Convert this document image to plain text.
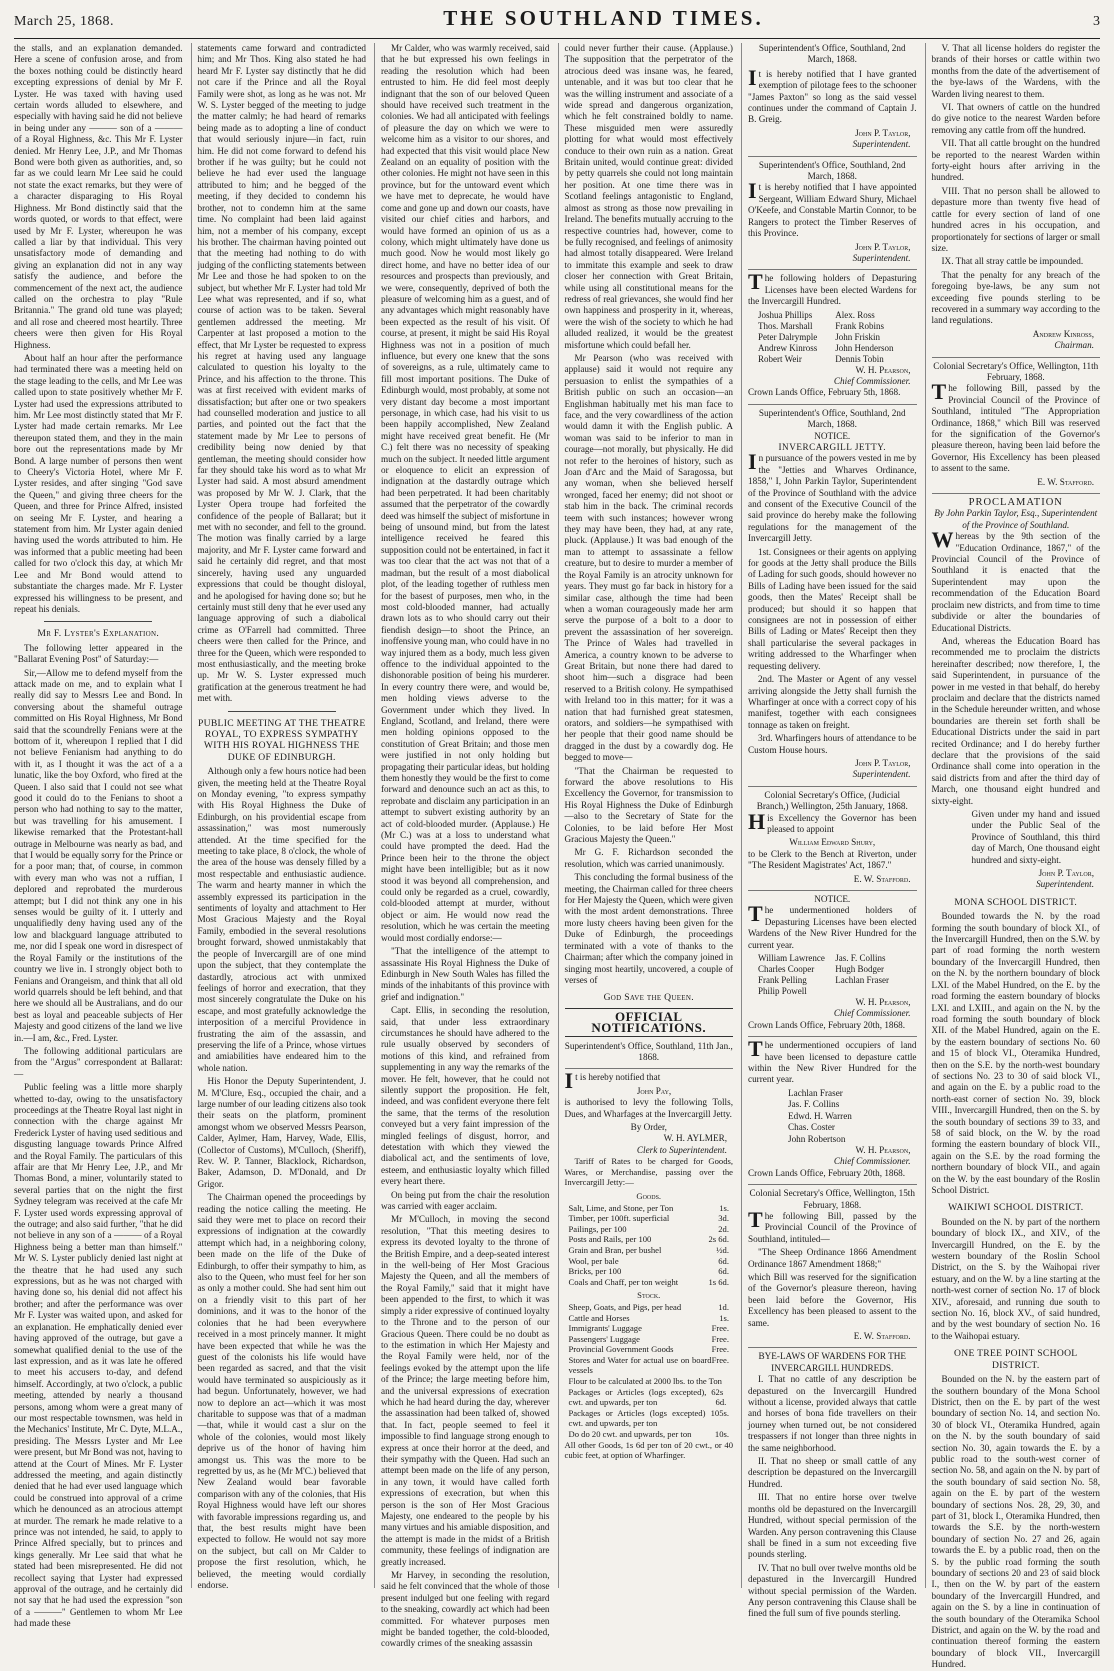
March 25, 1868.	THE SOUTHLAND TIMES.	3

the stalls, and an explanation demanded. Here a scene of confusion arose, and from the boxes nothing could be distinctly heard excepting expressions of denial by Mr F. Lyster. He was taxed with having used certain words alluded to elsewhere, and especially with having said he did not believe in being under any ——— son of a ——— of a Royal Highness, &c. This Mr F. Lyster denied. Mr Henry Lee, J.P., and Mr Thomas Bond were both given as authorities, and, so far as we could learn Mr Lee said he could not state the exact remarks, but they were of a character disparaging to His Royal Highness. Mr Bond distinctly said that the words quoted, or words to that effect, were used by Mr F. Lyster, whereupon he was called a liar by that individual. This very unsatisfactory mode of demanding and giving an explanation did not in any way satisfy the audience, and before the commencement of the next act, the audience called on the orchestra to play "Rule Britannia." The grand old tune was played; and all rose and cheered most heartily. Three cheers were then given for His Royal Highness.

About half an hour after the performance had terminated there was a meeting held on the stage leading to the cells, and Mr Lee was called upon to state positively whether Mr F. Lyster had used the expressions attributed to him. Mr Lee most distinctly stated that Mr F. Lyster had made certain remarks. Mr Lee thereupon stated them, and they in the main bore out the representations made by Mr Bond. A large number of persons then went to Cheery's Victoria Hotel, where Mr F. Lyster resides, and after singing "God save the Queen," and giving three cheers for the Queen, and three for Prince Alfred, insisted on seeing Mr F. Lyster, and hearing a statement from him. Mr Lyster again denied having used the words attributed to him. He was informed that a public meeting had been called for two o'clock this day, at which Mr Lee and Mr Bond would attend to substantiate the charges made. Mr F. Lyster expressed his willingness to be present, and repeat his denials.

Mr F. Lyster's Explanation.

The following letter appeared in the "Ballarat Evening Post" of Saturday:—

Sir,—Allow me to defend myself from the attack made on me, and to explain what I really did say to Messrs Lee and Bond. In conversing about the shameful outrage committed on His Royal Highness, Mr Bond said that the scoundrelly Fenians were at the bottom of it, whereupon I replied that I did not believe Fenianism had anything to do with it, as I thought it was the act of a a lunatic, like the boy Oxford, who fired at the Queen. I also said that I could not see what good it could do to the Fenians to shoot a person who had nothing to say to the matter, but was travelling for his amusement. I likewise remarked that the Protestant-hall outrage in Melbourne was nearly as bad, and that I would be equally sorry for the Prince or for a poor man; that, of course, in common with every man who was not a ruffian, I deplored and reprobated the murderous attempt; but I did not think any one in his senses would be guilty of it. I utterly and unqualifiedly deny having used any of the low and blackguard language attributed to me, nor did I speak one word in disrespect of the Royal Family or the institutions of the country we live in. I strongly object both to Fenians and Orangeism, and think that all old world quarrels should be left behind, and that here we should all be Australians, and do our best as loyal and peaceable subjects of Her Majesty and good citizens of the land we live in.—I am, &c., Fred. Lyster.

The following additional particulars are from the "Argus" correspondent at Ballarat:—

Public feeling was a little more sharply whetted to-day, owing to the unsatisfactory proceedings at the Theatre Royal last night in connection with the charge against Mr Frederick Lyster of having used seditious and disgusting language towards Prince Alfred and the Royal Family. The particulars of this affair are that Mr Henry Lee, J.P., and Mr Thomas Bond, a miner, voluntarily stated to several parties that on the night the first Sydney telegram was received at the cafe Mr F. Lyster used words expressing approval of the outrage; and also said further, "that he did not believe in any son of a ——— of a Royal Highness being a better man than himself." Mr W. S. Lyster publicly denied last night at the theatre that he had used any such expressions, but as he was not charged with having done so, his denial did not affect his brother; and after the performance was over Mr F. Lyster was waited upon, and asked for an explanation. He emphatically denied ever having approved of the outrage, but gave a somewhat qualified denial to the use of the last expression, and as it was late he offered to meet his accusers to-day, and defend himself. Accordingly, at two o'clock, a public meeting, attended by nearly a thousand persons, among whom were a great many of our most respectable townsmen, was held in the Mechanics' Institute, Mr C. Dyte, M.L.A., presiding. The Messrs Lyster and Mr Lee were present, but Mr Bond was not, having to attend at the Court of Mines. Mr F. Lyster addressed the meeting, and again distinctly denied that he had ever used language which could be construed into approval of a crime which he denounced as an atrocious attempt at murder. The remark he made relative to a prince was not intended, he said, to apply to Prince Alfred specially, but to princes and kings generally. Mr Lee said that what he stated had been misrepresented. He did not recollect saying that Lyster had expressed approval of the outrage, and he certainly did not say that he had used the expression "son of a ———" Gentlemen to whom Mr Lee had made these

statements came forward and contradicted him; and Mr Thos. King also stated he had heard Mr F. Lyster say distinctly that he did not care if the Prince and all the Royal Family were shot, as long as he was not. Mr W. S. Lyster begged of the meeting to judge the matter calmly; he had heard of remarks being made as to adopting a line of conduct that would seriously injure—in fact, ruin him. He did not come forward to defend his brother if he was guilty; but he could not believe he had ever used the language attributed to him; and he begged of the meeting, if they decided to condemn his brother, not to condemn him at the same time. No complaint had been laid against him, not a member of his company, except his brother. The chairman having pointed out that the meeting had nothing to do with judging of the conflicting statements between Mr Lee and those he had spoken to on the subject, but whether Mr F. Lyster had told Mr Lee what was represented, and if so, what course of action was to be taken. Several gentlemen addressed the meeting. Mr Carpenter at last proposed a motion to the effect, that Mr Lyster be requested to express his regret at having used any language calculated to question his loyalty to the Prince, and his affection to the throne. This was at first received with evident marks of dissatisfaction; but after one or two speakers had counselled moderation and justice to all parties, and pointed out the fact that the statement made by Mr Lee to persons of credibility being now denied by that gentleman, the meeting should consider how far they should take his word as to what Mr Lyster had said. A most absurd amendment was proposed by Mr W. J. Clark, that the Lyster Opera troupe had forfeited the confidence of the people of Ballarat; but it met with no seconder, and fell to the ground. The motion was finally carried by a large majority, and Mr F. Lyster came forward and said he certainly did regret, and that most sincerely, having used any unguarded expressions that could be thought disloyal, and he apologised for having done so; but he certainly must still deny that he ever used any language approving of such a diabolical crime as O'Farrell had committed. Three cheers were then called for the Prince, and three for the Queen, which were responded to most enthusiastically, and the meeting broke up. Mr W. S. Lyster expressed much gratification at the generous treatment he had met with.

PUBLIC MEETING AT THE THEATRE ROYAL, TO EXPRESS SYMPATHY WITH HIS ROYAL HIGHNESS THE DUKE OF EDINBURGH.

Although only a few hours notice had been given, the meeting held at the Theatre Royal on Monday evening, "to express sympathy with His Royal Highness the Duke of Edinburgh, on his providential escape from assassination," was most numerously attended. At the time specified for the meeting to take place, 8 o'clock, the whole of the area of the house was densely filled by a most respectable and enthusiastic audience. The warm and hearty manner in which the assembly expressed its participation in the sentiments of loyalty and attachment to Her Most Gracious Majesty and the Royal Family, embodied in the several resolutions brought forward, showed unmistakably that the people of Invercargill are of one mind upon the subject, that they contemplate the dastardly, atrocious act with unmixed feelings of horror and execration, that they most sincerely congratulate the Duke on his escape, and most gratefully acknowledge the interposition of a merciful Providence in frustrating the aim of the assassin, and preserving the life of a Prince, whose virtues and amiabilities have endeared him to the whole nation.

His Honor the Deputy Superintendent, J. M. M'Clure, Esq., occupied the chair, and a large number of our leading citizens also took their seats on the platform, prominent amongst whom we observed Messrs Pearson, Calder, Aylmer, Ham, Harvey, Wade, Ellis, (Collector of Customs), M'Culloch, (Sheriff), Rev. W. P. Tanner, Blacklock, Richardson, Baker, Adamson, D. M'Donald, and Dr Grigor.

The Chairman opened the proceedings by reading the notice calling the meeting. He said they were met to place on record their expressions of indignation at the cowardly attempt which had, in a neighboring colony, been made on the life of the Duke of Edinburgh, to offer their sympathy to him, as also to the Queen, who must feel for her son as only a mother could. She had sent him out on a friendly visit to this part of her dominions, and it was to the honor of the colonies that he had been everywhere received in a most princely manner. It might have been expected that while he was the guest of the colonists his life would have been regarded as sacred, and that the visit would have terminated so auspiciously as it had begun. Unfortunately, however, we had now to deplore an act—which it was most charitable to suppose was that of a madman—that, while it would cast a slur on the whole of the colonies, would most likely deprive us of the honor of having him amongst us. This was the more to be regretted by us, as he (Mr M'C.) believed that New Zealand would bear favorable comparison with any of the colonies, that His Royal Highness would have left our shores with favorable impressions regarding us, and that, the best results might have been expected to follow. He would not say more on the subject, but call on Mr Calder to propose the first resolution, which, he believed, the meeting would cordially endorse.

Mr Calder, who was warmly received, said that he but expressed his own feelings in reading the resolution which had been entrusted to him. He did feel most deeply indignant that the son of our beloved Queen should have received such treatment in the colonies. We had all anticipated with feelings of pleasure the day on which we were to welcome him as a visitor to our shores, and had expected that this visit would place New Zealand on an equality of position with the other colonies. He might not have seen in this province, but for the untoward event which we have met to deprecate, he would have come and gone up and down our coasts, have visited our chief cities and harbors, and would have formed an opinion of us as a colony, which might ultimately have done us much good. Now he would most likely go direct home, and have no better idea of our resources and prospects than previously, and we were, consequently, deprived of both the pleasure of welcoming him as a guest, and of any advantages which might reasonably have been expected as the result of his visit. Of course, at present, it might be said His Royal Highness was not in a position of much influence, but every one knew that the sons of sovereigns, as a rule, ultimately came to fill most important positions. The Duke of Edinburgh would, most probably, at some not very distant day become a most important personage, in which case, had his visit to us been happily accomplished, New Zealand might have received great benefit. He (Mr C.) felt there was no necessity of speaking much on the subject. It needed little argument or eloquence to elicit an expression of indignation at the dastardly outrage which had been perpetrated. It had been charitably assumed that the perpetrator of the cowardly deed was himself the subject of misfortune in being of unsound mind, but from the latest intelligence received he feared this supposition could not be entertained, in fact it was too clear that the act was not that of a madman, but the result of a most diabolical plot, of the leading together of ruthless men for the basest of purposes, men who, in the most cold-blooded manner, had actually drawn lots as to who should carry out their fiendish design—to shoot the Prince, an inoffensive young man, who could have in no way injured them as a body, much less given offence to the individual appointed to the dishonorable position of being his murderer. In every country there were, and would be, men holding views adverse to the Government under which they lived. In England, Scotland, and Ireland, there were men holding opinions opposed to the constitution of Great Britain; and those men were justified in not only holding but propagating their particular ideas, but holding them honestly they would be the first to come forward and denounce such an act as this, to reprobate and disclaim any participation in an attempt to subvert existing authority by an act of cold-blooded murder. (Applause.) He (Mr C.) was at a loss to understand what could have prompted the deed. Had the Prince been heir to the throne the object might have been intelligible; but as it now stood it was beyond all comprehension, and could only be regarded as a cruel, cowardly, cold-blooded attempt at murder, without object or aim. He would now read the resolution, which he was certain the meeting would most cordially endorse:—

"That the intelligence of the attempt to assassinate His Royal Highness the Duke of Edinburgh in New South Wales has filled the minds of the inhabitants of this province with grief and indignation."

Capt. Ellis, in seconding the resolution, said, that under less extraordinary circumstances he should have adhered to the rule usually observed by seconders of motions of this kind, and refrained from supplementing in any way the remarks of the mover. He felt, however, that he could not silently support the proposition. He felt, indeed, and was confident everyone there felt the same, that the terms of the resolution conveyed but a very faint impression of the mingled feelings of disgust, horror, and detestation with which they viewed the diabolical act, and the sentiments of love, esteem, and enthusiastic loyalty which filled every heart there.

On being put from the chair the resolution was carried with eager acclaim.

Mr M'Culloch, in moving the second resolution, "That this meeting desires to express its devoted loyalty to the throne of the British Empire, and a deep-seated interest in the well-being of Her Most Gracious Majesty the Queen, and all the members of the Royal Family," said that it might have been appended to the first, to which it was simply a rider expressive of continued loyalty to the Throne and to the person of our Gracious Queen. There could be no doubt as to the estimation in which Her Majesty and the Royal Family were held, nor of the feelings evoked by the attempt upon the life of the Prince; the large meeting before him, and the universal expressions of execration which he had heard during the day, wherever the assassination had been talked of, showed that. In fact, people seemed to feel it impossible to find language strong enough to express at once their horror at the deed, and their sympathy with the Queen. Had such an attempt been made on the life of any person, in any town, it would have called forth expressions of execration, but when this person is the son of Her Most Gracious Majesty, one endeared to the people by his many virtues and his amiable disposition, and the attempt is made in the midst of a British community, these feelings of indignation are greatly increased.

Mr Harvey, in seconding the resolution, said he felt convinced that the whole of those present indulged but one feeling with regard to the sneaking, cowardly act which had been committed. For whatever purposes men might be banded together, the cold-blooded, cowardly crimes of the sneaking assassin

could never further their cause. (Applause.) The supposition that the perpetrator of the atrocious deed was insane was, he feared, untenable, and it was but too clear that he was the willing instrument and associate of a wide spread and dangerous organization, which he felt constrained boldly to name. These misguided men were assuredly plotting for what would most effectively conduce to their own ruin as a nation. Great Britain united, would continue great: divided by petty quarrels she could not long maintain her position. At one time there was in Scotland feelings antagonistic to England, almost as strong as those now prevailing in Ireland. The benefits mutually accruing to the respective countries had, however, come to be fully recognised, and feelings of animosity had almost totally disappeared. Were Ireland to immitate this example and seek to draw closer her connection with Great Britain, while using all constitutional means for the redress of real grievances, she would find her own happiness and prosperity in it, whereas, were the wish of the society to which he had alluded realized, it would be the greatest misfortune which could befall her.

Mr Pearson (who was received with applause) said it would not require any persuasion to enlist the sympathies of a British public on such an occasion—an Englishman habitually met his man face to face, and the very cowardliness of the action would damn it with the English public. A woman was said to be inferior to man in courage—not morally, but physically. He did not refer to the heroines of history, such as Joan d'Arc and the Maid of Saragossa, but any woman, when she believed herself wronged, faced her enemy; did not shoot or stab him in the back. The criminal records teem with such instances; however wrong they may have been, they had, at any rate, pluck. (Applause.) It was bad enough of the man to attempt to assassinate a fellow creature, but to desire to murder a member of the Royal Family is an atrocity unknown for years. They must go far back in history for a similar case, although the time had been when a woman courageously made her arm serve the purpose of a bolt to a door to prevent the assassination of her sovereign. The Prince of Wales had travelled in America, a country known to be adverse to Great Britain, but none there had dared to shoot him—such a disgrace had been reserved to a British colony. He sympathised with Ireland too in this matter; for it was a nation that had furnished great statesmen, orators, and soldiers—he sympathised with her people that their good name should be dragged in the dust by a cowardly dog. He begged to move—

"That the Chairman be requested to forward the above resolutions to His Excellency the Governor, for transmission to His Royal Highness the Duke of Edinburgh—also to the Secretary of State for the Colonies, to be laid before Her Most Gracious Majesty the Queen."

Mr G. F. Richardson seconded the resolution, which was carried unanimously.

This concluding the formal business of the meeting, the Chairman called for three cheers for Her Majesty the Queen, which were given with the most ardent demonstrations. Three more lusty cheers having been given for the Duke of Edinburgh, the proceedings terminated with a vote of thanks to the Chairman; after which the company joined in singing most heartily, uncovered, a couple of verses of

God Save the Queen.
OFFICIAL NOTIFICATIONS.
Superintendent's Office, Southland, 11th Jan., 1868.

It is hereby notified that

John Pay,

is authorised to levy the following Tolls, Dues, and Wharfages at the Invercargill Jetty.

By Order,
W. H. AYLMER,
Clerk to Superintendent.

Tariff of Rates to be charged for Goods, Wares, or Merchandise, passing over the Invercargill Jetty:—

Goods.
Salt, Lime, and Stone, per Ton	1s.
Timber, per 100ft. superficial	3d.
Pailings, per 100	2d.
Posts and Rails, per 100	2s 6d.
Grain and Bran, per bushel	½d.
Wool, per bale	6d.
Bricks, per 100	6d.
Coals and Chaff, per ton weight	1s 6d.
Stock.
Sheep, Goats, and Pigs, per head	1d.
Cattle and Horses	1s.
Immigrants' Luggage	Free.
Passengers' Luggage	Free.
Provincial Government Goods	Free.
Stores and Water for actual use on board vessels
Free.
Flour to be calculated at 2000 lbs. to the Ton
Packages or Articles (logs excepted), 6 cwt. and upwards, per ton
2s 6d.
Packages or Articles (logs excepted) 10 cwt. and upwards, per ton
5s.
Do do 20 cwt. and upwards, per ton	10s.

All other Goods, 1s 6d per ton of 20 cwt., or 40 cubic feet, at option of Wharfinger.

Superintendent's Office, Southland, 2nd March, 1868.

It is hereby notified that I have granted exemption of pilotage fees to the schooner "James Paxton" so long as the said vessel continues under the command of Captain J. B. Greig.

John P. Taylor,
Superintendent.
Superintendent's Office, Southland, 2nd March, 1868.

It is hereby notified that I have appointed Sergeant, William Edward Shury, Michael O'Keefe, and Constable Martin Connor, to be Rangers to protect the Timber Reserves of this Province.

John P. Taylor,
Superintendent.

The following holders of Depasturing Licenses have been elected Wardens for the Invercargill Hundred.

Joshua Phillips	Alex. Ross
Thos. Marshall	Frank Robins
Peter Dalrymple	John Friskin
Andrew Kinross	John Henderson
Robert Weir	Dennis Tobin
W. H. Pearson,
Chief Commissioner.

Crown Lands Office, February 5th, 1868.

Superintendent's Office, Southland, 2nd March, 1868.
NOTICE.
INVERCARGILL JETTY.

In pursuance of the powers vested in me by the "Jetties and Wharves Ordinance, 1858," I, John Parkin Taylor, Superintendent of the Province of Southland with the advice and consent of the Executive Council of the said province do hereby make the following regulations for the management of the Invercargill Jetty.

1st. Consignees or their agents on applying for goods at the Jetty shall produce the Bills of Lading for such goods, should however no Bills of Lading have been issued for the said goods, then the Mates' Receipt shall be produced; but should it so happen that consignees are not in possession of either Bills of Lading or Mates' Receipt then they shall particularise the several packages in writing addressed to the Wharfinger when requesting delivery.

2nd. The Master or Agent of any vessel arriving alongside the Jetty shall furnish the Wharfinger at once with a correct copy of his manifest, together with each consignees tonnage as taken on freight.

3rd. Wharfingers hours of attendance to be Custom House hours.

John P. Taylor,
Superintendent.
Colonial Secretary's Office, (Judicial Branch,) Wellington, 25th January, 1868.

His Excellency the Governor has been pleased to appoint

William Edward Shury,

to be Clerk to the Bench at Riverton, under "The Resident Magistrates' Act, 1867."

E. W. Stafford.
NOTICE.

The undermentioned holders of Depasturing Licenses have been elected Wardens of the New River Hundred for the current year.

William Lawrence	Jas. F. Collins
Charles Cooper	Hugh Bodger
Frank Pelling	Lachlan Fraser
Philip Powell
W. H. Pearson,
Chief Commissioner.

Crown Lands Office, February 20th, 1868.

The undermentioned occupiers of land have been licensed to depasture cattle within the New River Hundred for the current year.

Lachlan Fraser
Jas. F. Collins
Edwd. H. Warren
Chas. Coster
John Robertson
W. H. Pearson,
Chief Commissioner.

Crown Lands Office, February 20th, 1868.

Colonial Secretary's Office, Wellington, 15th February, 1868.

The following Bill, passed by the Provincial Council of the Province of Southland, intituled—

"The Sheep Ordinance 1866 Amendment Ordinance 1867 Amendment 1868;"

which Bill was reserved for the signification of the Governor's pleasure thereon, having been laid before the Governor, His Excellency has been pleased to assent to the same.

E. W. Stafford.
BYE-LAWS OF WARDENS FOR THE INVERCARGILL HUNDREDS.

I. That no cattle of any description be depastured on the Invercargill Hundred without a license, provided always that cattle and horses of bona fide travellers on their journey when turned out, be not considered trespassers if not longer than three nights in the same neighborhood.

II. That no sheep or small cattle of any description be depastured on the Invercargill Hundred.

III. That no entire horse over twelve months old be depastured on the Invercargill Hundred, without special permission of the Warden. Any person contravening this Clause shall be fined in a sum not exceeding five pounds sterling.

IV. That no bull over twelve months old be depastured in the Invercargill Hundred without special permission of the Warden. Any person contravening this Clause shall be fined the full sum of five pounds sterling.

V. That all license holders do register the brands of their horses or cattle within two months from the date of the advertisement of the bye-laws of the Wardens, with the Warden living nearest to them.

VI. That owners of cattle on the hundred do give notice to the nearest Warden before removing any cattle from off the hundred.

VII. That all cattle brought on the hundred be reported to the nearest Warden within forty-eight hours after arriving in the hundred.

VIII. That no person shall be allowed to depasture more than twenty five head of cattle for every section of land of one hundred acres in his occupation, and proportionately for sections of larger or small size.

IX. That all stray cattle be impounded.

That the penalty for any breach of the foregoing bye-laws, be any sum not exceeding five pounds sterling to be recovered in a summary way according to the land regulations.

Andrew Kinross,
Chairman.
Colonial Secretary's Office, Wellington, 11th February, 1868.

The following Bill, passed by the Provincial Council of the Province of Southland, intituled "The Appropriation Ordinance, 1868," which Bill was reserved for the signification of the Governor's pleasure thereon, having been laid before the Governor, His Excellency has been pleased to assent to the same.

E. W. Stafford.
PROCLAMATION
By John Parkin Taylor, Esq., Superintendent of the Province of Southland.

Whereas by the 9th section of the "Education Ordinance, 1867," of the Provincial Council of the Province of Southland it is enacted that the Superintendent may upon the recommendation of the Education Board proclaim new districts, and from time to time subdivide or alter the boundaries of Educational Districts.

And, whereas the Education Board has recommended me to proclaim the districts hereinafter described; now therefore, I, the said Superintendent, in pursuance of the power in me vested in that behalf, do hereby proclaim and declare that the districts named in the Schedule hereunder written, and whose boundaries are therein set forth shall be Educational Districts under the said in part recited Ordinance; and I do hereby further declare that the provisions of the said Ordinance shall come into operation in the said districts from and after the third day of March, one thousand eight hundred and sixty-eight.

Given under my hand and issued under the Public Seal of the Province of Southland, this third day of March, One thousand eight hundred and sixty-eight.

John P. Taylor,
Superintendent.
MONA SCHOOL DISTRICT.

Bounded towards the N. by the road forming the south boundary of block XI., of the Invercargill Hundred, then on the S.W. by part of road forming the north western boundary of the Invercargill Hundred, then on the N. by the northern boundary of block LXI. of the Mabel Hundred, on the E. by the road forming the eastern boundary of blocks LXI. and LXIII., and again on the N. by the road forming the south boundary of block XII. of the Mabel Hundred, again on the E. by the eastern boundary of sections No. 60 and 15 of block VI., Oteramika Hundred, then on the S.E. by the north-west boundary of sections No. 23 to 30 of said block VI., and again on the E. by a public road to the north-east corner of section No. 39, block VIII., Invercargill Hundred, then on the S. by the south boundary of sections 39 to 33, and 58 of said block, on the W. by the road forming the eastern boundary of block VII., again on the S.E. by the road forming the northern boundary of block VII., and again on the W. by the east boundary of the Roslin School District.

WAIKIWI SCHOOL DISTRICT.

Bounded on the N. by part of the northern boundary of block IX., and XIV., of the Invercargill Hundred, on the E. by the western boundary of the Roslin School District, on the S. by the Waihopai river estuary, and on the W. by a line starting at the north-west corner of section No. 17 of block XIV., aforesaid, and running due south to section No. 16, block XV., of said hundred, and by the west boundary of section No. 16 to the Waihopai estuary.

ONE TREE POINT SCHOOL DISTRICT.

Bounded on the N. by the eastern part of the southern boundary of the Mona School District, then on the E. by part of the west boundary of section No. 14, and section No. 30 of block VI., Oteramika Hundred, again on the N. by the south boundary of said section No. 30, again towards the E. by a public road to the south-west corner of section No. 58, and again on the N. by part of the south boundary of said section No. 58, again on the E. by part of the western boundary of sections Nos. 28, 29, 30, and part of 31, block I., Oteramika Hundred, then towards the S.E. by the north-western boundary of section No. 27 and 26, again towards the E. by a public road, then on the S. by the public road forming the south boundary of sections 20 and 23 of said block I., then on the W. by part of the eastern boundary of the Invercargill Hundred, and again on the S. by a line in continuation of the south boundary of the Oteramika School District, and again on the W. by the road and continuation thereof forming the eastern boundary of block VII., Invercargill Hundred.
